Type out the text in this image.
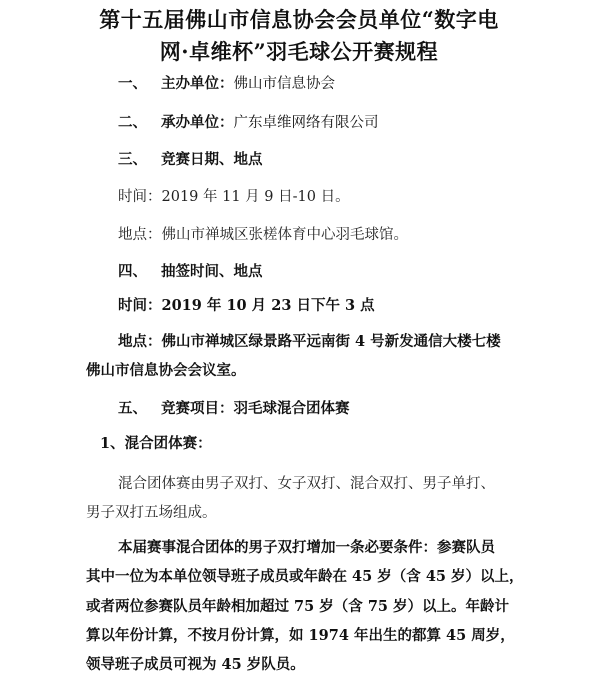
第十五届佛山市信息协会会员单位“数字电
网·卓维杯”羽毛球公开赛规程
一、 主办单位：佛山市信息协会
二、 承办单位：广东卓维网络有限公司
三、 竞赛日期、地点
时间：2019 年 11 月 9 日-10 日。
地点：佛山市禅城区张槎体育中心羽毛球馆。
四、 抽签时间、地点
时间：2019 年 10 月 23 日下午 3 点
地点：佛山市禅城区绿景路平远南街 4 号新发通信大楼七楼
佛山市信息协会会议室。
五、 竞赛项目：羽毛球混合团体赛
1、混合团体赛：
混合团体赛由男子双打、女子双打、混合双打、男子单打、
男子双打五场组成。
本届赛事混合团体的男子双打增加一条必要条件：参赛队员
其中一位为本单位领导班子成员或年龄在 45 岁（含 45 岁）以上，
或者两位参赛队员年龄相加超过 75 岁（含 75 岁）以上。年龄计
算以年份计算，不按月份计算，如 1974 年出生的都算 45 周岁，
领导班子成员可视为 45 岁队员。
